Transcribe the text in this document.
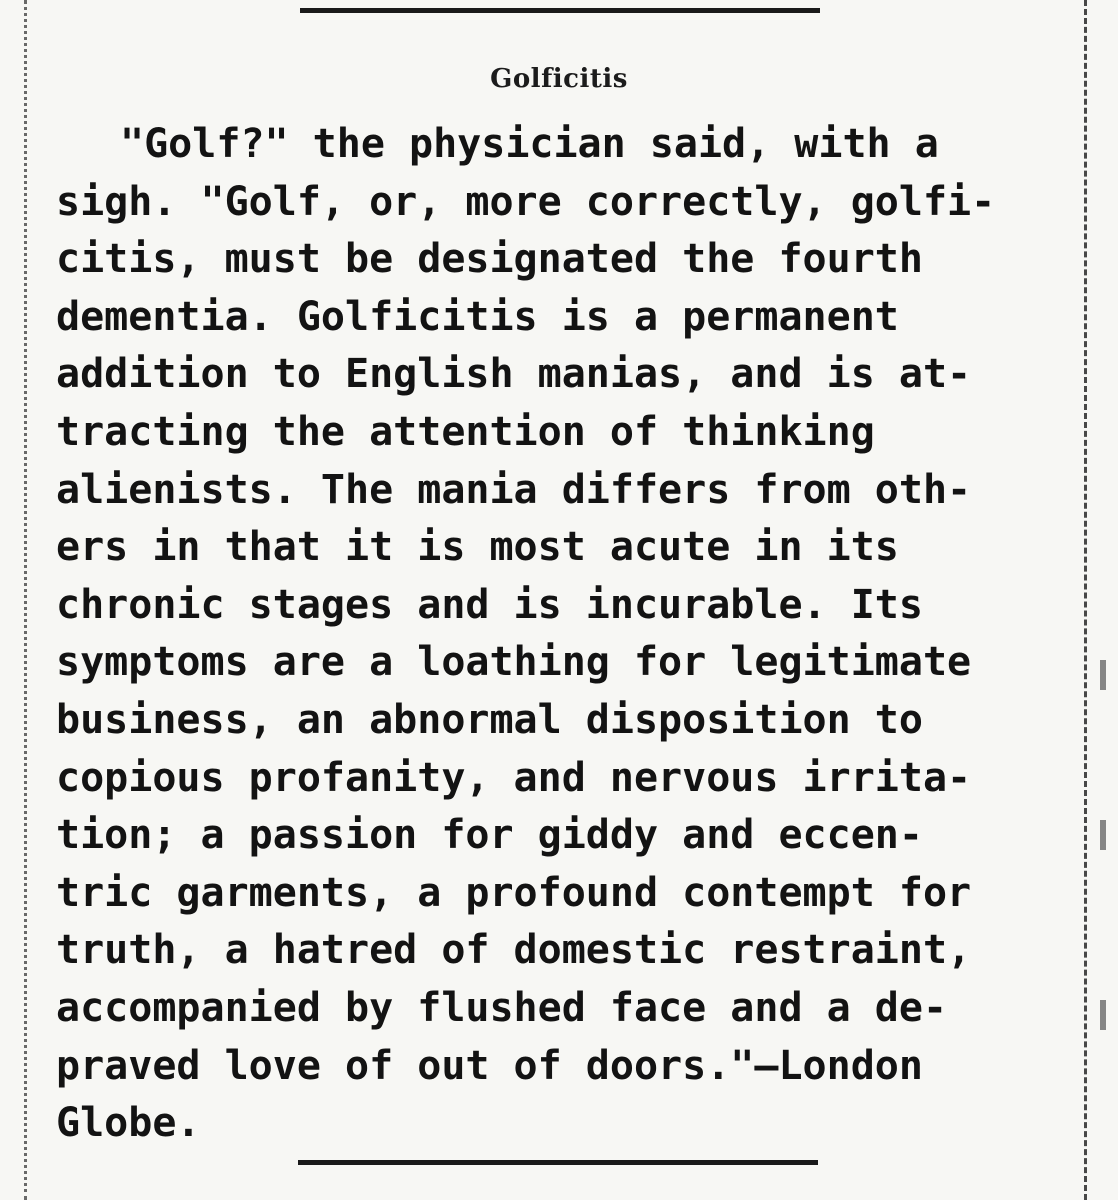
Golficitis
"Golf?" the physician said, with a
sigh. "Golf, or, more correctly, golfi-
citis, must be designated the fourth
dementia. Golficitis is a permanent
addition to English manias, and is at-
tracting the attention of thinking
alienists. The mania differs from oth-
ers in that it is most acute in its
chronic stages and is incurable. Its
symptoms are a loathing for legitimate
business, an abnormal disposition to
copious profanity, and nervous irrita-
tion; a passion for giddy and eccen-
tric garments, a profound contempt for
truth, a hatred of domestic restraint,
accompanied by flushed face and a de-
praved love of out of doors."—London
Globe.
